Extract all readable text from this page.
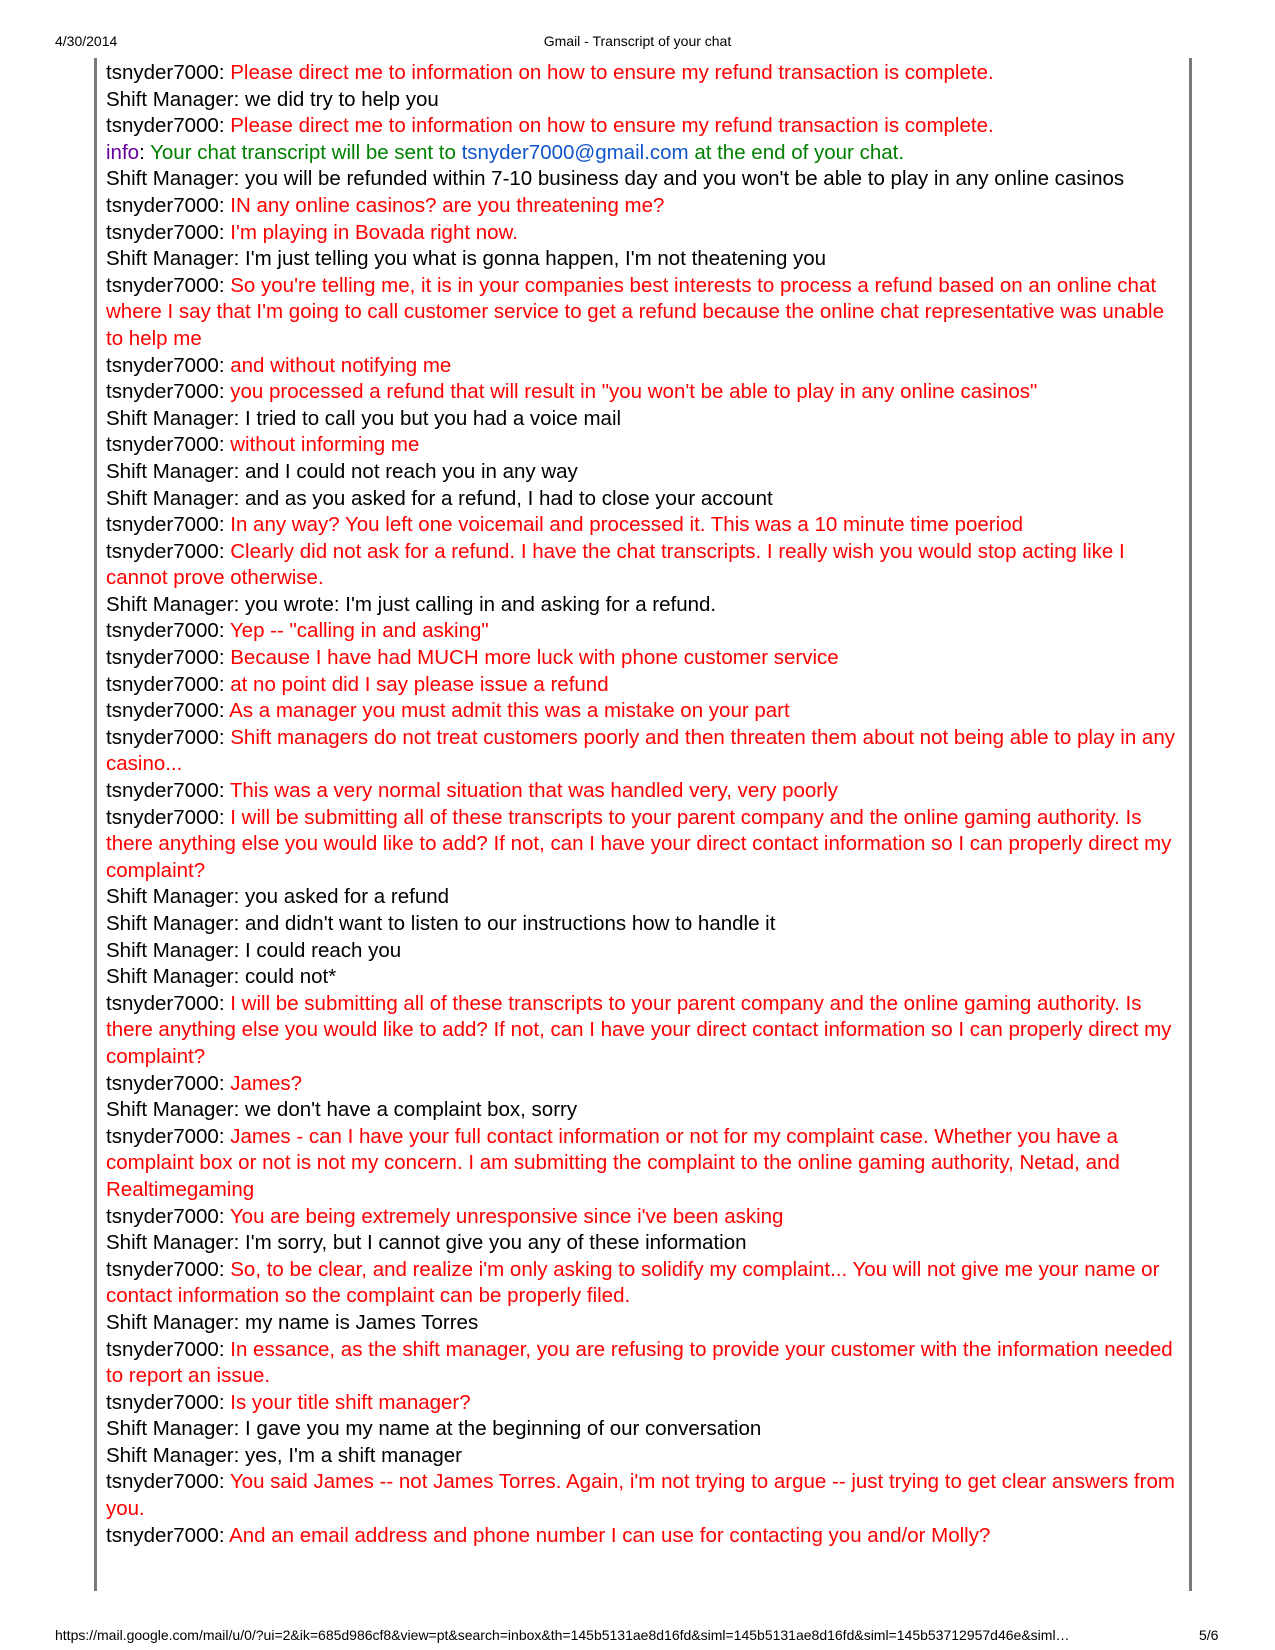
4/30/2014	Gmail - Transcript of your chat

tsnyder7000: Please direct me to information on how to ensure my refund transaction is complete.

Shift Manager: we did try to help you

tsnyder7000: Please direct me to information on how to ensure my refund transaction is complete.

info: Your chat transcript will be sent to tsnyder7000@gmail.com at the end of your chat.

Shift Manager: you will be refunded within 7-10 business day and you won't be able to play in any online casinos

tsnyder7000: IN any online casinos? are you threatening me?

tsnyder7000: I'm playing in Bovada right now.

Shift Manager: I'm just telling you what is gonna happen, I'm not theatening you

tsnyder7000: So you're telling me, it is in your companies best interests to process a refund based on an online chat where I say that I'm going to call customer service to get a refund because the online chat representative was unable to help me

tsnyder7000: and without notifying me

tsnyder7000: you processed a refund that will result in "you won't be able to play in any online casinos"

Shift Manager: I tried to call you but you had a voice mail

tsnyder7000: without informing me

Shift Manager: and I could not reach you in any way

Shift Manager: and as you asked for a refund, I had to close your account

tsnyder7000: In any way? You left one voicemail and processed it. This was a 10 minute time poeriod

tsnyder7000: Clearly did not ask for a refund. I have the chat transcripts. I really wish you would stop acting like I cannot prove otherwise.

Shift Manager: you wrote: I'm just calling in and asking for a refund.

tsnyder7000: Yep -- "calling in and asking"

tsnyder7000: Because I have had MUCH more luck with phone customer service

tsnyder7000: at no point did I say please issue a refund

tsnyder7000: As a manager you must admit this was a mistake on your part

tsnyder7000: Shift managers do not treat customers poorly and then threaten them about not being able to play in any casino...

tsnyder7000: This was a very normal situation that was handled very, very poorly

tsnyder7000: I will be submitting all of these transcripts to your parent company and the online gaming authority. Is there anything else you would like to add? If not, can I have your direct contact information so I can properly direct my complaint?

Shift Manager: you asked for a refund

Shift Manager: and didn't want to listen to our instructions how to handle it

Shift Manager: I could reach you

Shift Manager: could not*

tsnyder7000: I will be submitting all of these transcripts to your parent company and the online gaming authority. Is there anything else you would like to add? If not, can I have your direct contact information so I can properly direct my complaint?

tsnyder7000: James?

Shift Manager: we don't have a complaint box, sorry

tsnyder7000: James - can I have your full contact information or not for my complaint case. Whether you have a complaint box or not is not my concern. I am submitting the complaint to the online gaming authority, Netad, and Realtimegaming

tsnyder7000: You are being extremely unresponsive since i've been asking

Shift Manager: I'm sorry, but I cannot give you any of these information

tsnyder7000: So, to be clear, and realize i'm only asking to solidify my complaint... You will not give me your name or contact information so the complaint can be properly filed.

Shift Manager: my name is James Torres

tsnyder7000: In essance, as the shift manager, you are refusing to provide your customer with the information needed to report an issue.

tsnyder7000: Is your title shift manager?

Shift Manager: I gave you my name at the beginning of our conversation

Shift Manager: yes, I'm a shift manager

tsnyder7000: You said James -- not James Torres. Again, i'm not trying to argue -- just trying to get clear answers from you.

tsnyder7000: And an email address and phone number I can use for contacting you and/or Molly?

https://mail.google.com/mail/u/0/?ui=2&ik=685d986cf8&view=pt&search=inbox&th=145b5131ae8d16fd&siml=145b5131ae8d16fd&siml=145b53712957d46e&siml…	5/6
